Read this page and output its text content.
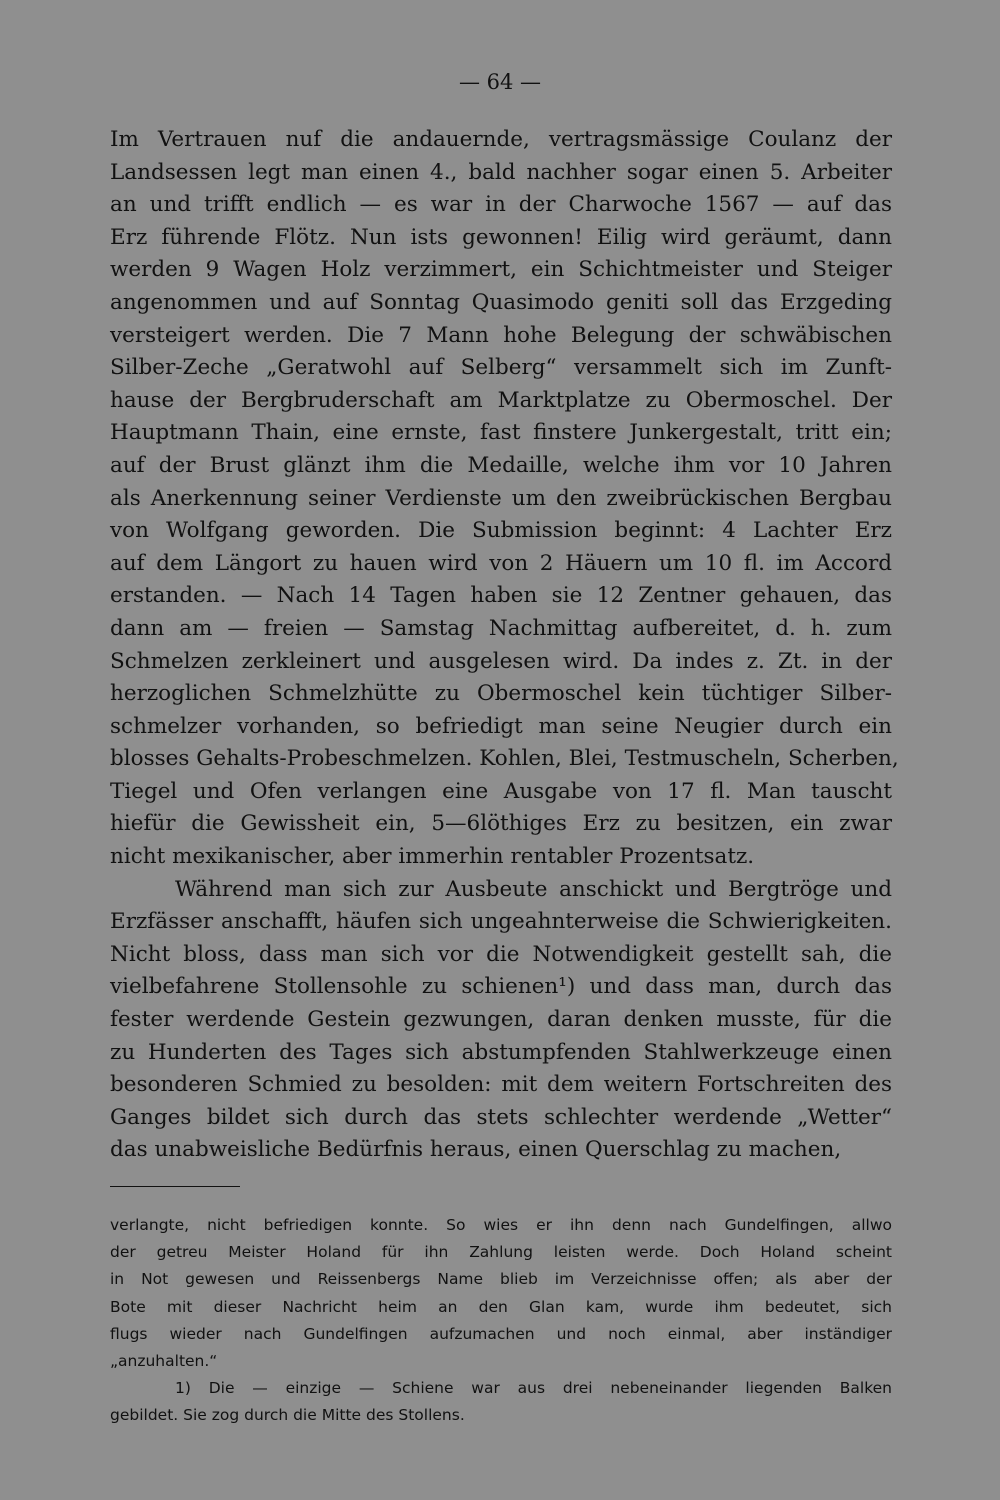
— 64 —
Im Vertrauen nuf die andauernde, vertragsmässige Coulanz der
Landsessen legt man einen 4., bald nachher sogar einen 5. Arbeiter
an und trifft endlich — es war in der Charwoche 1567 — auf das
Erz führende Flötz. Nun ists gewonnen! Eilig wird geräumt, dann
werden 9 Wagen Holz verzimmert, ein Schichtmeister und Steiger
angenommen und auf Sonntag Quasimodo geniti soll das Erzgeding
versteigert werden. Die 7 Mann hohe Belegung der schwäbischen
Silber-Zeche „Geratwohl auf Selberg“ versammelt sich im Zunft-
hause der Bergbruderschaft am Marktplatze zu Obermoschel. Der
Hauptmann Thain, eine ernste, fast finstere Junkergestalt, tritt ein;
auf der Brust glänzt ihm die Medaille, welche ihm vor 10 Jahren
als Anerkennung seiner Verdienste um den zweibrückischen Bergbau
von Wolfgang geworden. Die Submission beginnt: 4 Lachter Erz
auf dem Längort zu hauen wird von 2 Häuern um 10 fl. im Accord
erstanden. — Nach 14 Tagen haben sie 12 Zentner gehauen, das
dann am — freien — Samstag Nachmittag aufbereitet, d. h. zum
Schmelzen zerkleinert und ausgelesen wird. Da indes z. Zt. in der
herzoglichen Schmelzhütte zu Obermoschel kein tüchtiger Silber-
schmelzer vorhanden, so befriedigt man seine Neugier durch ein
blosses Gehalts-Probeschmelzen. Kohlen, Blei, Testmuscheln, Scherben,
Tiegel und Ofen verlangen eine Ausgabe von 17 fl. Man tauscht
hiefür die Gewissheit ein, 5—6löthiges Erz zu besitzen, ein zwar
nicht mexikanischer, aber immerhin rentabler Prozentsatz.
Während man sich zur Ausbeute anschickt und Bergtröge und
Erzfässer anschafft, häufen sich ungeahnterweise die Schwierigkeiten.
Nicht bloss, dass man sich vor die Notwendigkeit gestellt sah, die
vielbefahrene Stollensohle zu schienen¹) und dass man, durch das
fester werdende Gestein gezwungen, daran denken musste, für die
zu Hunderten des Tages sich abstumpfenden Stahlwerkzeuge einen
besonderen Schmied zu besolden: mit dem weitern Fortschreiten des
Ganges bildet sich durch das stets schlechter werdende „Wetter“
das unabweisliche Bedürfnis heraus, einen Querschlag zu machen,
verlangte, nicht befriedigen konnte. So wies er ihn denn nach Gundelfingen, allwo
der getreu Meister Holand für ihn Zahlung leisten werde. Doch Holand scheint
in Not gewesen und Reissenbergs Name blieb im Verzeichnisse offen; als aber der
Bote mit dieser Nachricht heim an den Glan kam, wurde ihm bedeutet, sich
flugs wieder nach Gundelfingen aufzumachen und noch einmal, aber inständiger
„anzuhalten.“
1) Die — einzige — Schiene war aus drei nebeneinander liegenden Balken
gebildet. Sie zog durch die Mitte des Stollens.
